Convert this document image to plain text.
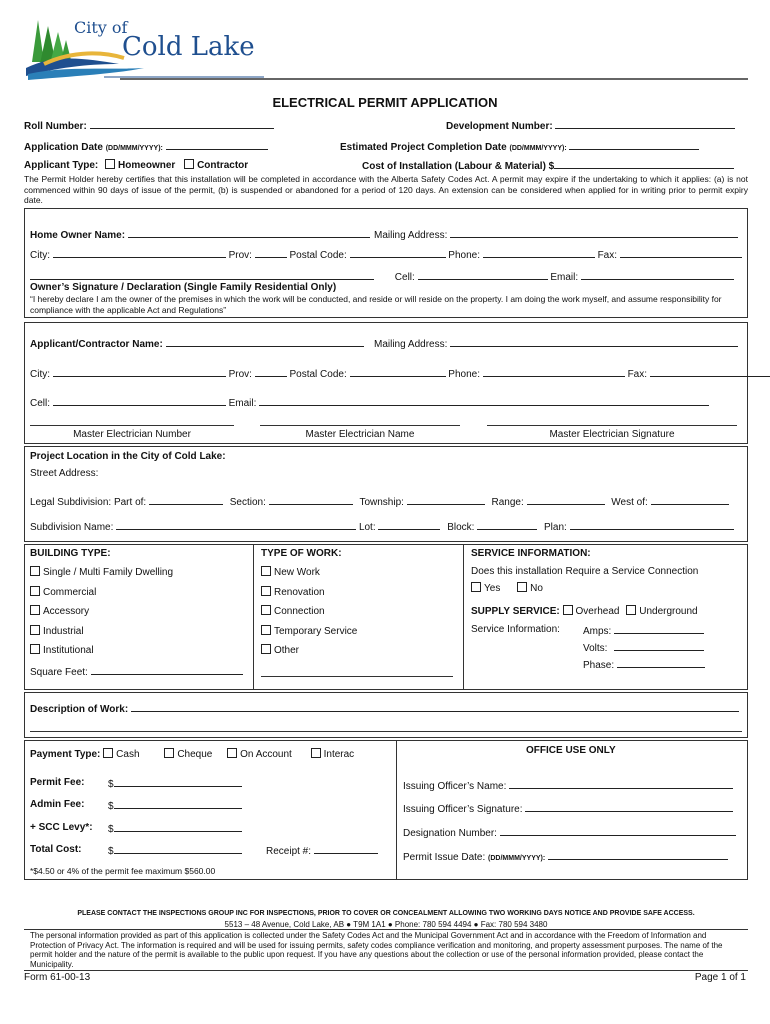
City of
Cold Lake
ELECTRICAL PERMIT APPLICATION
Roll Number:	Development Number:
Application Date (DD/MMM/YYYY):	Estimated Project Completion Date (DD/MMM/YYYY):
Applicant Type: Homeowner Contractor	Cost of Installation (Labour & Material) $
The Permit Holder hereby certifies that this installation will be completed in accordance with the Alberta Safety Codes Act. A permit may expire if the undertaking to which it applies: (a) is not commenced within 90 days of issue of the permit, (b) is suspended or abandoned for a period of 120 days. An extension can be considered when applied for in writing prior to permit expiry date.
Home Owner Name:	Mailing Address:
City:	Prov:	Postal Code:	Phone:	Fax:
Cell:	Email:
Owner’s Signature / Declaration (Single Family Residential Only)
“I hereby declare I am the owner of the premises in which the work will be conducted, and reside or will reside on the property. I am doing the work myself, and assume responsibility for compliance with the applicable Act and Regulations”
Applicant/Contractor Name:	Mailing Address:
City:	Prov:	Postal Code:	Phone:	Fax:
Cell:	Email:
Master Electrician Number	Master Electrician Name	Master Electrician Signature
Project Location in the City of Cold Lake:
Street Address:
Legal Subdivision: Part of:	Section:	Township:	Range:	West of:
Subdivision Name:	Lot:	Block:	Plan:
BUILDING TYPE:
Single / Multi Family Dwelling
Commercial
Accessory
Industrial
Institutional
Square Feet:
TYPE OF WORK:
New Work
Renovation
Connection
Temporary Service
Other
SERVICE INFORMATION:
Does this installation Require a Service Connection
Yes	No
SUPPLY SERVICE: Overhead Underground
Service Information: Amps:
Volts:
Phase:
Description of Work:
Payment Type: Cash	Cheque	On Account	Interac
Permit Fee: $
Admin Fee: $
+ SCC Levy*: $
Total Cost:	$	Receipt #:
*$4.50 or 4% of the permit fee maximum $560.00
OFFICE USE ONLY
Issuing Officer’s Name:
Issuing Officer’s Signature:
Designation Number:
Permit Issue Date: (DD/MMM/YYYY):
PLEASE CONTACT THE INSPECTIONS GROUP INC FOR INSPECTIONS, PRIOR TO COVER OR CONCEALMENT ALLOWING TWO WORKING DAYS NOTICE AND PROVIDE SAFE ACCESS.
5513 – 48 Avenue, Cold Lake, AB ● T9M 1A1 ● Phone: 780 594 4494 ● Fax: 780 594 3480
The personal information provided as part of this application is collected under the Safety Codes Act and the Municipal Government Act and in accordance with the Freedom of Information and Protection of Privacy Act. The information is required and will be used for issuing permits, safety codes compliance verification and monitoring, and property assessment purposes. The name of the permit holder and the nature of the permit is available to the public upon request. If you have any questions about the collection or use of the personal information provided, please contact the Municipality.
Form 61-00-13	Page 1 of 1
